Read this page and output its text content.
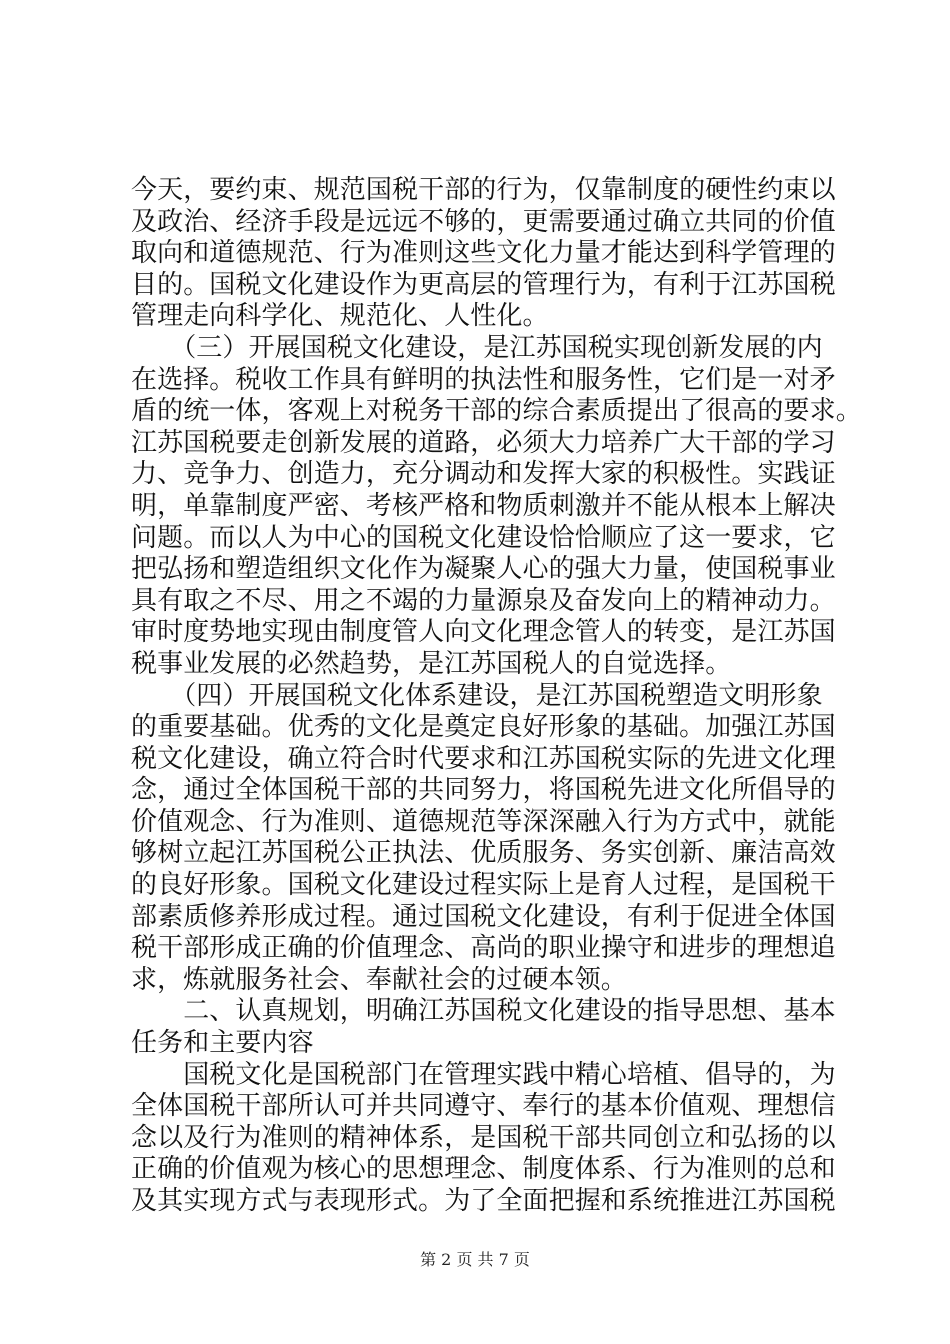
今天，要约束、规范国税干部的行为，仅靠制度的硬性约束以
及政治、经济手段是远远不够的，更需要通过确立共同的价值
取向和道德规范、行为准则这些文化力量才能达到科学管理的
目的。国税文化建设作为更高层的管理行为，有利于江苏国税
管理走向科学化、规范化、人性化。
　　（三）开展国税文化建设，是江苏国税实现创新发展的内
在选择。税收工作具有鲜明的执法性和服务性，它们是一对矛
盾的统一体，客观上对税务干部的综合素质提出了很高的要求。
江苏国税要走创新发展的道路，必须大力培养广大干部的学习
力、竞争力、创造力，充分调动和发挥大家的积极性。实践证
明，单靠制度严密、考核严格和物质刺激并不能从根本上解决
问题。而以人为中心的国税文化建设恰恰顺应了这一要求，它
把弘扬和塑造组织文化作为凝聚人心的强大力量，使国税事业
具有取之不尽、用之不竭的力量源泉及奋发向上的精神动力。
审时度势地实现由制度管人向文化理念管人的转变，是江苏国
税事业发展的必然趋势，是江苏国税人的自觉选择。
　　（四）开展国税文化体系建设，是江苏国税塑造文明形象
的重要基础。优秀的文化是奠定良好形象的基础。加强江苏国
税文化建设，确立符合时代要求和江苏国税实际的先进文化理
念，通过全体国税干部的共同努力，将国税先进文化所倡导的
价值观念、行为准则、道德规范等深深融入行为方式中，就能
够树立起江苏国税公正执法、优质服务、务实创新、廉洁高效
的良好形象。国税文化建设过程实际上是育人过程，是国税干
部素质修养形成过程。通过国税文化建设，有利于促进全体国
税干部形成正确的价值理念、高尚的职业操守和进步的理想追
求，炼就服务社会、奉献社会的过硬本领。
　　二、认真规划，明确江苏国税文化建设的指导思想、基本
任务和主要内容
　　国税文化是国税部门在管理实践中精心培植、倡导的，为
全体国税干部所认可并共同遵守、奉行的基本价值观、理想信
念以及行为准则的精神体系，是国税干部共同创立和弘扬的以
正确的价值观为核心的思想理念、制度体系、行为准则的总和
及其实现方式与表现形式。为了全面把握和系统推进江苏国税
第 2 页 共 7 页
